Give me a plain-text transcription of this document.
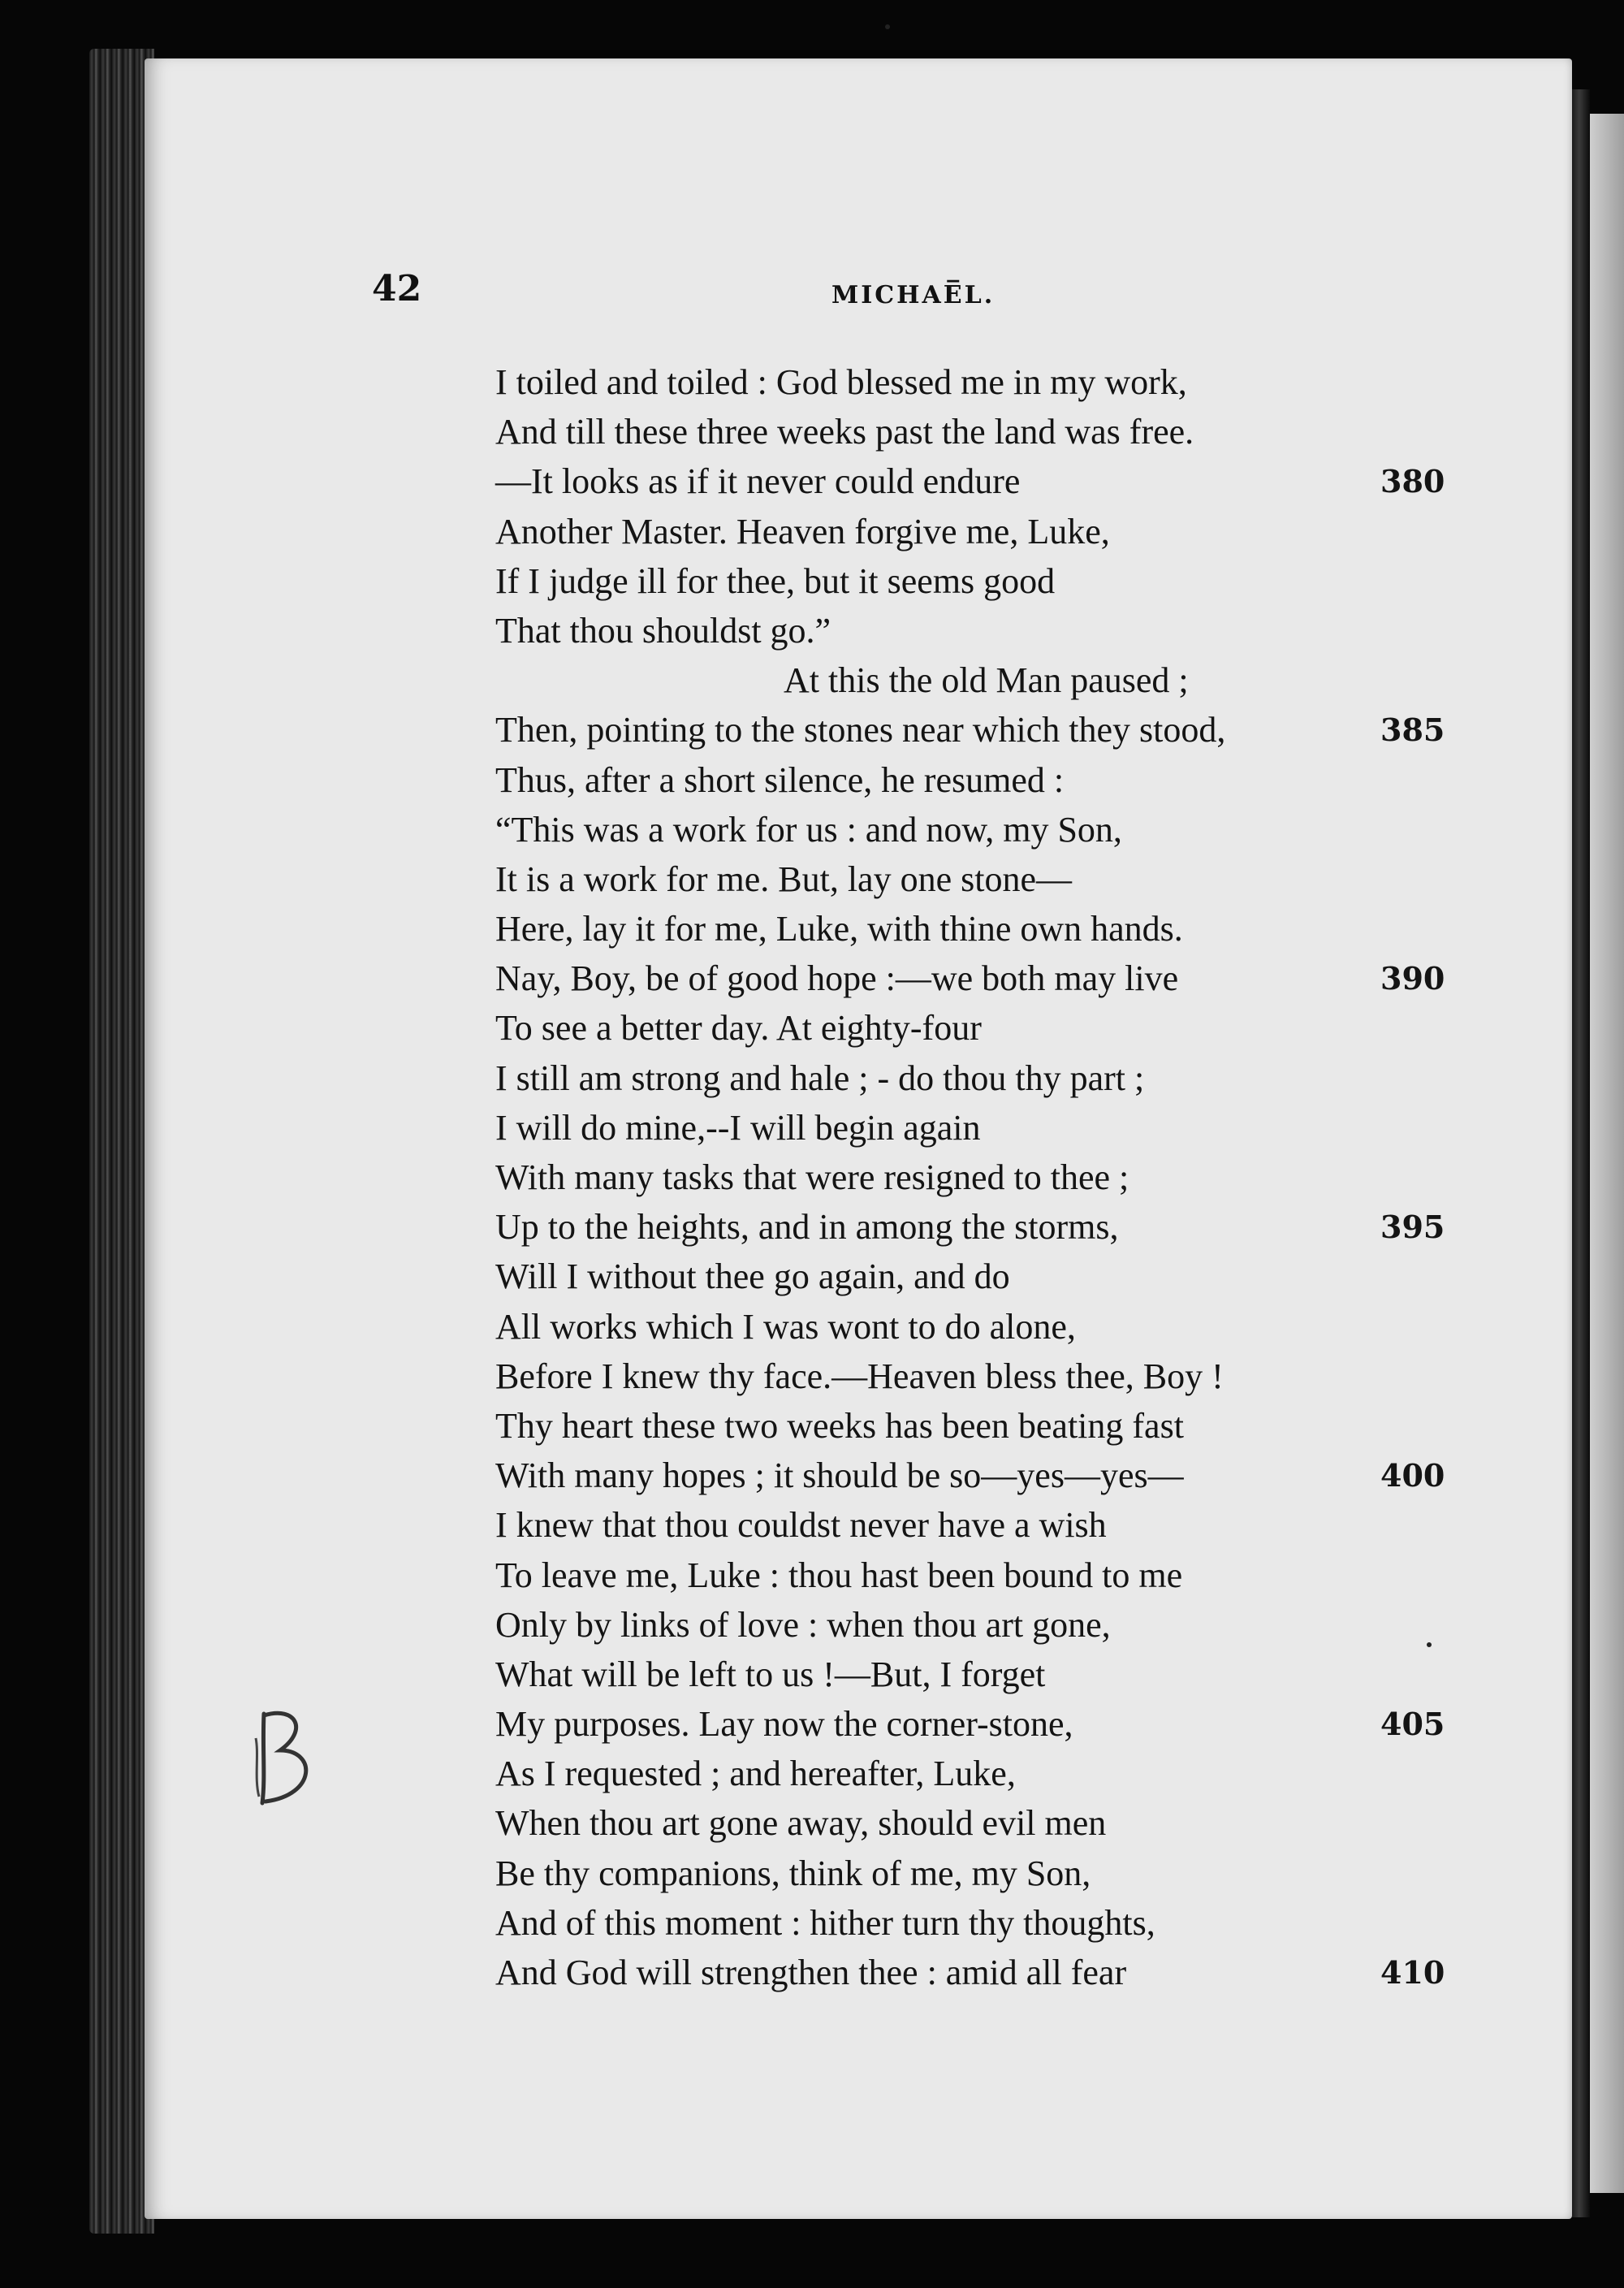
42	MICHAE̅L.
I toiled and toiled : God blessed me in my work,
And till these three weeks past the land was free.
—It looks as if it never could endure	380
Another Master. Heaven forgive me, Luke,
If I judge ill for thee, but it seems good
That thou shouldst go.”
At this the old Man paused ;
Then, pointing to the stones near which they stood,	385
Thus, after a short silence, he resumed :
“This was a work for us : and now, my Son,
It is a work for me. But, lay one stone—
Here, lay it for me, Luke, with thine own hands.
Nay, Boy, be of good hope :—we both may live	390
To see a better day. At eighty-four
I still am strong and hale ; - do thou thy part ;
I will do mine,--I will begin again
With many tasks that were resigned to thee ;
Up to the heights, and in among the storms,	395
Will I without thee go again, and do
All works which I was wont to do alone,
Before I knew thy face.—Heaven bless thee, Boy !
Thy heart these two weeks has been beating fast
With many hopes ; it should be so—yes—yes—	400
I knew that thou couldst never have a wish
To leave me, Luke : thou hast been bound to me
Only by links of love : when thou art gone,
What will be left to us !—But, I forget
My purposes. Lay now the corner-stone,	405
As I requested ; and hereafter, Luke,
When thou art gone away, should evil men
Be thy companions, think of me, my Son,
And of this moment : hither turn thy thoughts,
And God will strengthen thee : amid all fear	410
